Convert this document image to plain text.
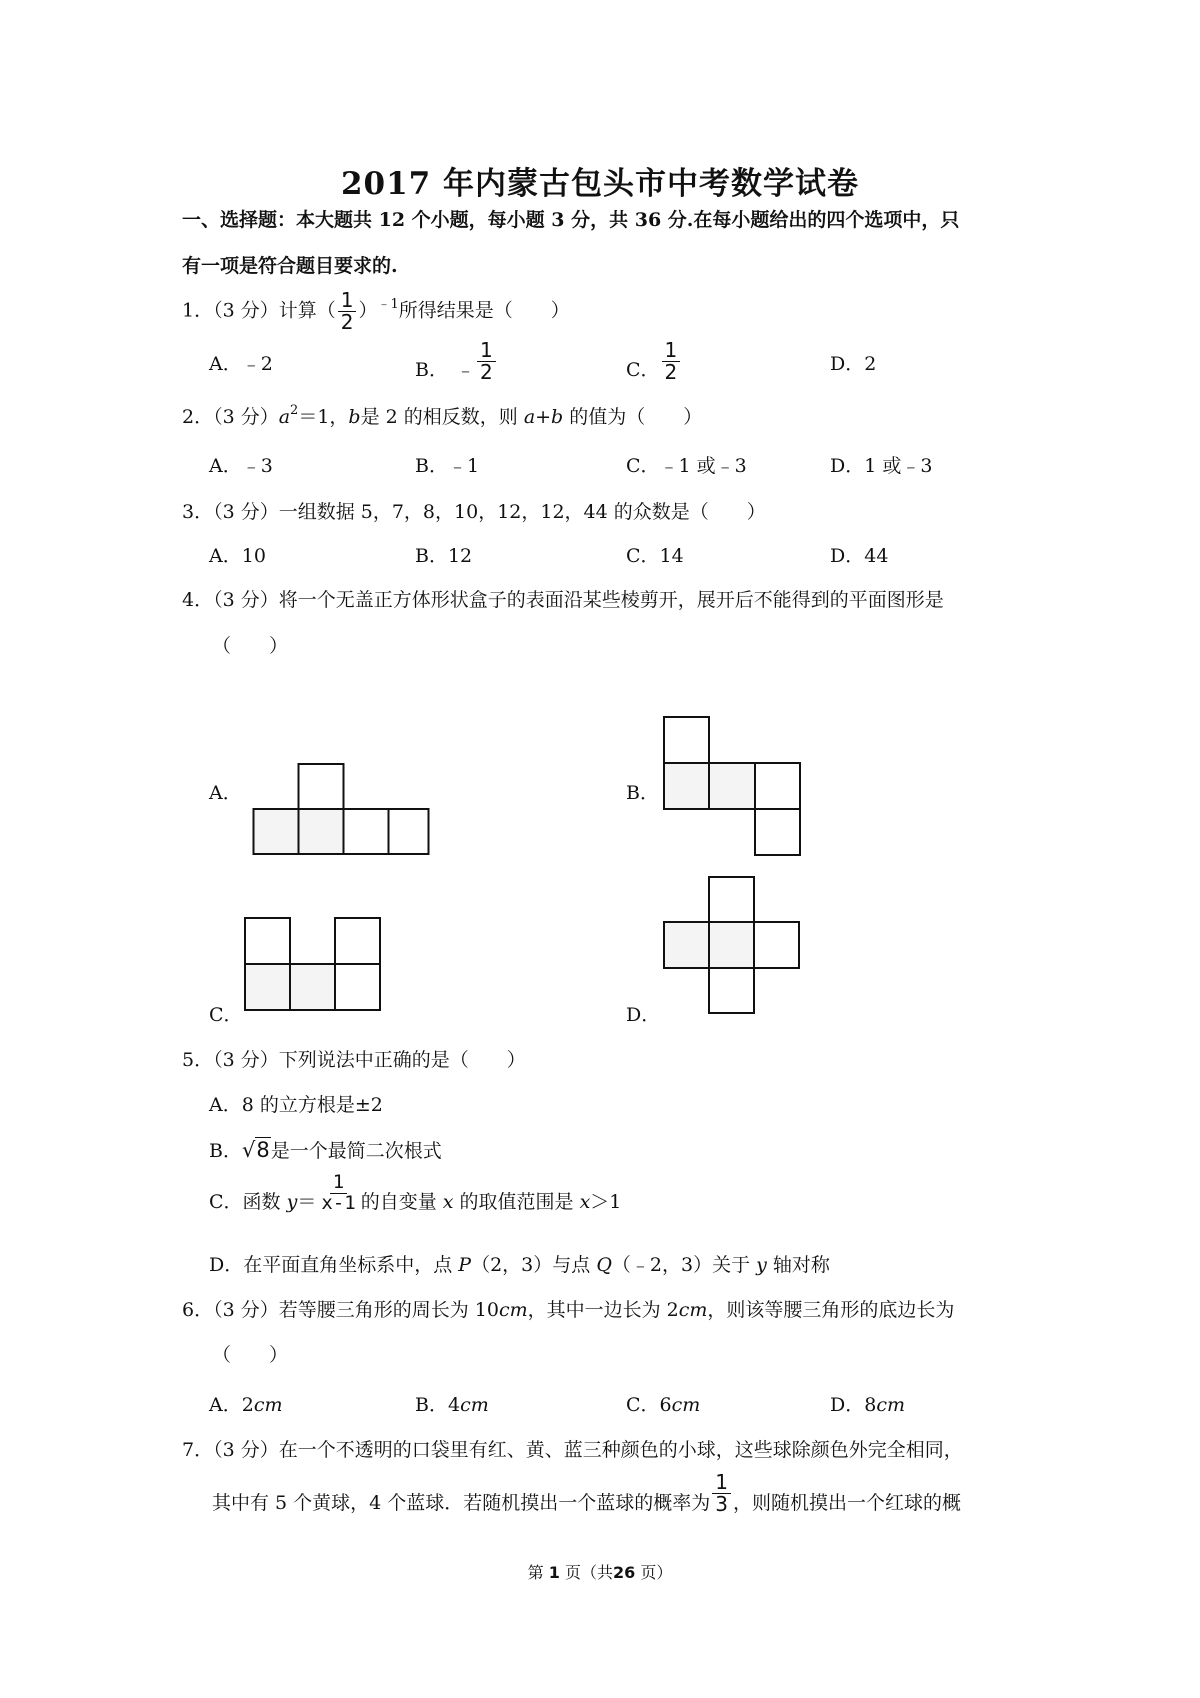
2017 年内蒙古包头市中考数学试卷
一、选择题：本大题共 12 个小题，每小题 3 分，共 36 分.在每小题给出的四个选项中，只
有一项是符合题目要求的.
1．（3 分）计算（ $\frac{1}{2} )^{﹣1}$所得结果是（　　）
A．﹣2	B． ﹣ $\frac{1}{2}$	C． $\frac{1}{2}$	D．2
2．（3 分）$a^2=1$，b是 2 的相反数，则 a+b 的值为（　　）
A．﹣3	B．﹣1	C．﹣1 或﹣3	D．1 或﹣3
3．（3 分）一组数据 5，7，8，10，12，12，44 的众数是（　　）
A．10	B．12	C．14	D．44
4．（3 分）将一个无盖正方体形状盒子的表面沿某些棱剪开，展开后不能得到的平面图形是
（　　）
A．	B．
C．	D．
5．（3 分）下列说法中正确的是（　　）
A．8 的立方根是±2
B．√8是一个最简二次根式
C．函数 $y= \frac{1}{x-1}$ 的自变量 x 的取值范围是 x＞1
D．在平面直角坐标系中，点 P（2，3）与点 Q（﹣2，3）关于 y 轴对称
6．（3 分）若等腰三角形的周长为 10cm，其中一边长为 2cm，则该等腰三角形的底边长为
（　　）
A．2cm	B．4cm	C．6cm	D．8cm
7．（3 分）在一个不透明的口袋里有红、黄、蓝三种颜色的小球，这些球除颜色外完全相同，
其中有 5 个黄球，4 个蓝球．若随机摸出一个蓝球的概率为 $\frac{1}{3}$ ，则随机摸出一个红球的概
第 1 页（共26 页）
